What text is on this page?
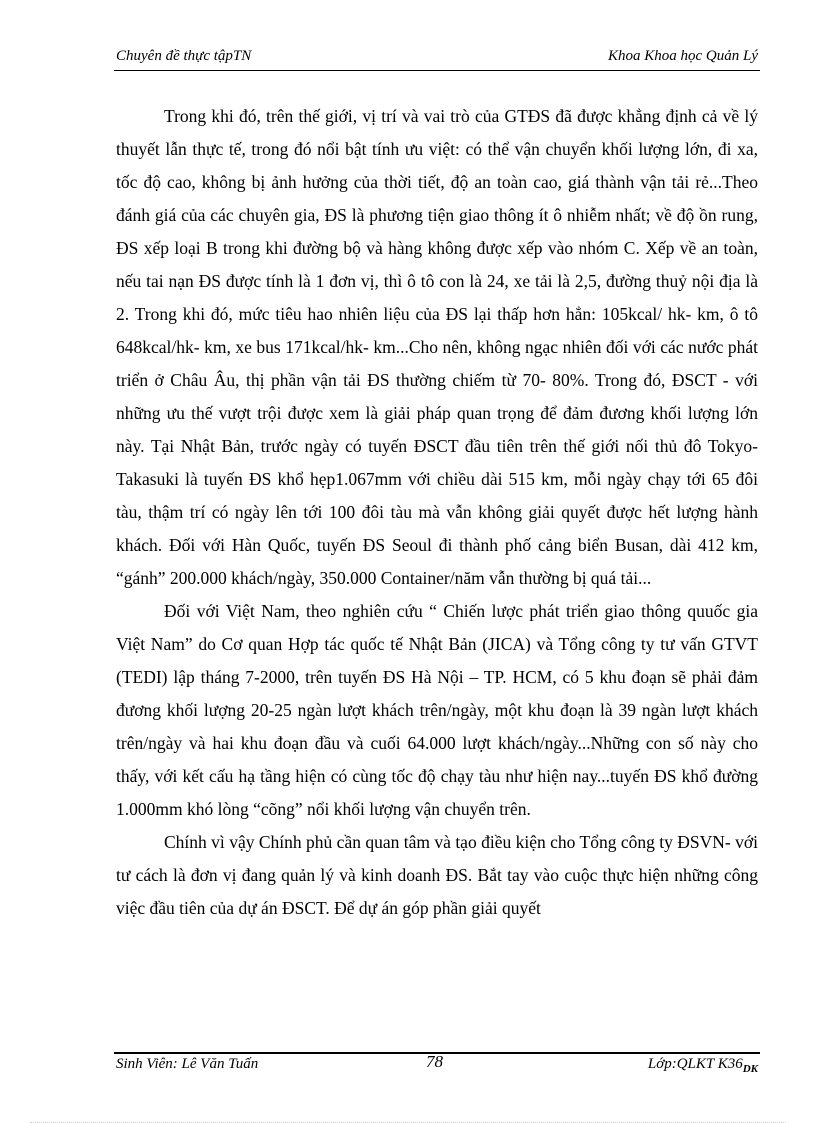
Chuyên đề thực tậpTN	Khoa Khoa học Quản Lý

Trong khi đó, trên thế giới, vị trí và vai trò của GTĐS đã được khẳng định cả về lý thuyết lẫn thực tế, trong đó nổi bật tính ưu việt: có thể vận chuyển khối lượng lớn, đi xa, tốc độ cao, không bị ảnh hưởng của thời tiết, độ an toàn cao, giá thành vận tải rẻ...Theo đánh giá của các chuyên gia, ĐS là phương tiện giao thông ít ô nhiễm nhất; về độ ồn rung, ĐS xếp loại B trong khi đường bộ và hàng không được xếp vào nhóm C. Xếp về an toàn, nếu tai nạn ĐS được tính là 1 đơn vị, thì ô tô con là 24, xe tải là 2,5, đường thuỷ nội địa là 2. Trong khi đó, mức tiêu hao nhiên liệu của ĐS lại thấp hơn hẳn: 105kcal/ hk- km, ô tô 648kcal/hk- km, xe bus 171kcal/hk- km...Cho nên, không ngạc nhiên đối với các nước phát triển ở Châu Âu, thị phần vận tải ĐS thường chiếm từ 70- 80%. Trong đó, ĐSCT - với những ưu thế vượt trội được xem là giải pháp quan trọng để đảm đương khối lượng lớn này. Tại Nhật Bản, trước ngày có tuyến ĐSCT đầu tiên trên thế giới nối thủ đô Tokyo- Takasuki là tuyến ĐS khổ hẹp1.067mm với chiều dài 515 km, mỗi ngày chạy tới 65 đôi tàu, thậm trí có ngày lên tới 100 đôi tàu mà vẫn không giải quyết được hết lượng hành khách. Đối với Hàn Quốc, tuyến ĐS Seoul đi thành phố cảng biển Busan, dài 412 km, “gánh” 200.000 khách/ngày, 350.000 Container/năm vẫn thường bị quá tải...

Đối với Việt Nam, theo nghiên cứu “ Chiến lược phát triển giao thông quuốc gia Việt Nam” do Cơ quan Hợp tác quốc tế Nhật Bản (JICA) và Tổng công ty tư vấn GTVT (TEDI) lập tháng 7-2000, trên tuyến ĐS Hà Nội – TP. HCM, có 5 khu đoạn sẽ phải đảm đương khối lượng 20-25 ngàn lượt khách trên/ngày, một khu đoạn là 39 ngàn lượt khách trên/ngày và hai khu đoạn đầu và cuối 64.000 lượt khách/ngày...Những con số này cho thấy, với kết cấu hạ tầng hiện có cùng tốc độ chạy tàu như hiện nay...tuyến ĐS khổ đường 1.000mm khó lòng “cõng” nổi khối lượng vận chuyển trên.

Chính vì vậy Chính phủ cần quan tâm và tạo điều kiện cho Tổng công ty ĐSVN- với tư cách là đơn vị đang quản lý và kinh doanh ĐS. Bắt tay vào cuộc thực hiện những công việc đầu tiên của dự án ĐSCT. Để dự án góp phần giải quyết

Sinh Viên: Lê Văn Tuấn	78	Lớp:QLKT $K36_{DK}$
